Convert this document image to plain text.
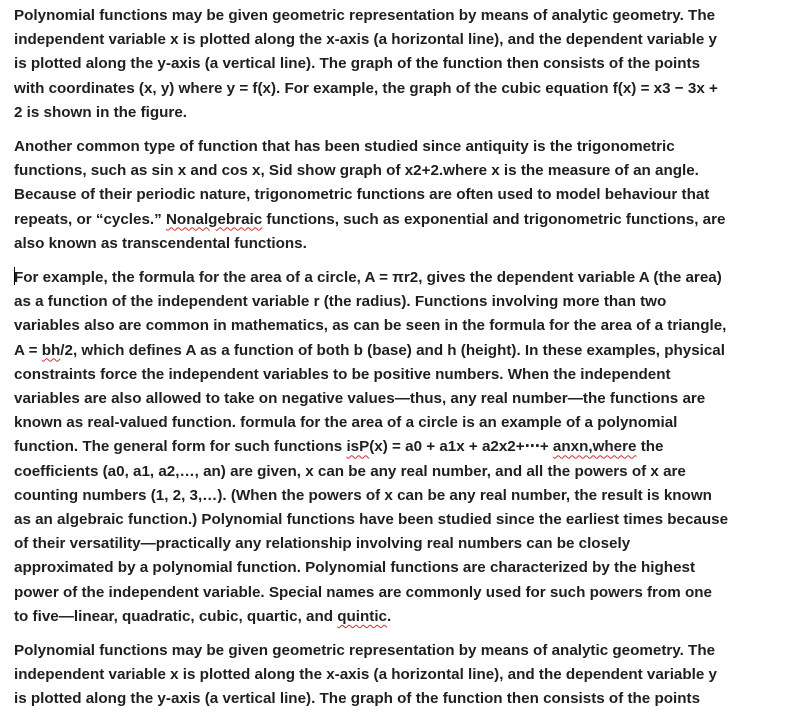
Polynomial functions may be given geometric representation by means of analytic geometry. The
independent variable x is plotted along the x-axis (a horizontal line), and the dependent variable y
is plotted along the y-axis (a vertical line). The graph of the function then consists of the points
with coordinates (x, y) where y = f(x). For example, the graph of the cubic equation f(x) = x3 − 3x +
2 is shown in the figure.
Another common type of function that has been studied since antiquity is the trigonometric
functions, such as sin x and cos x, Sid show graph of x2+2.where x is the measure of an angle.
Because of their periodic nature, trigonometric functions are often used to model behaviour that
repeats, or “cycles.” Nonalgebraic functions, such as exponential and trigonometric functions, are
also known as transcendental functions.
For example, the formula for the area of a circle, A = πr2, gives the dependent variable A (the area)
as a function of the independent variable r (the radius). Functions involving more than two
variables also are common in mathematics, as can be seen in the formula for the area of a triangle,
A = bh/2, which defines A as a function of both b (base) and h (height). In these examples, physical
constraints force the independent variables to be positive numbers. When the independent
variables are also allowed to take on negative values—thus, any real number—the functions are
known as real-valued function. formula for the area of a circle is an example of a polynomial
function. The general form for such functions isP(x) = a0 + a1x + a2x2+⋯+ anxn,where the
coefficients (a0, a1, a2,…, an) are given, x can be any real number, and all the powers of x are
counting numbers (1, 2, 3,…). (When the powers of x can be any real number, the result is known
as an algebraic function.) Polynomial functions have been studied since the earliest times because
of their versatility—practically any relationship involving real numbers can be closely
approximated by a polynomial function. Polynomial functions are characterized by the highest
power of the independent variable. Special names are commonly used for such powers from one
to five—linear, quadratic, cubic, quartic, and quintic.
Polynomial functions may be given geometric representation by means of analytic geometry. The
independent variable x is plotted along the x-axis (a horizontal line), and the dependent variable y
is plotted along the y-axis (a vertical line). The graph of the function then consists of the points
